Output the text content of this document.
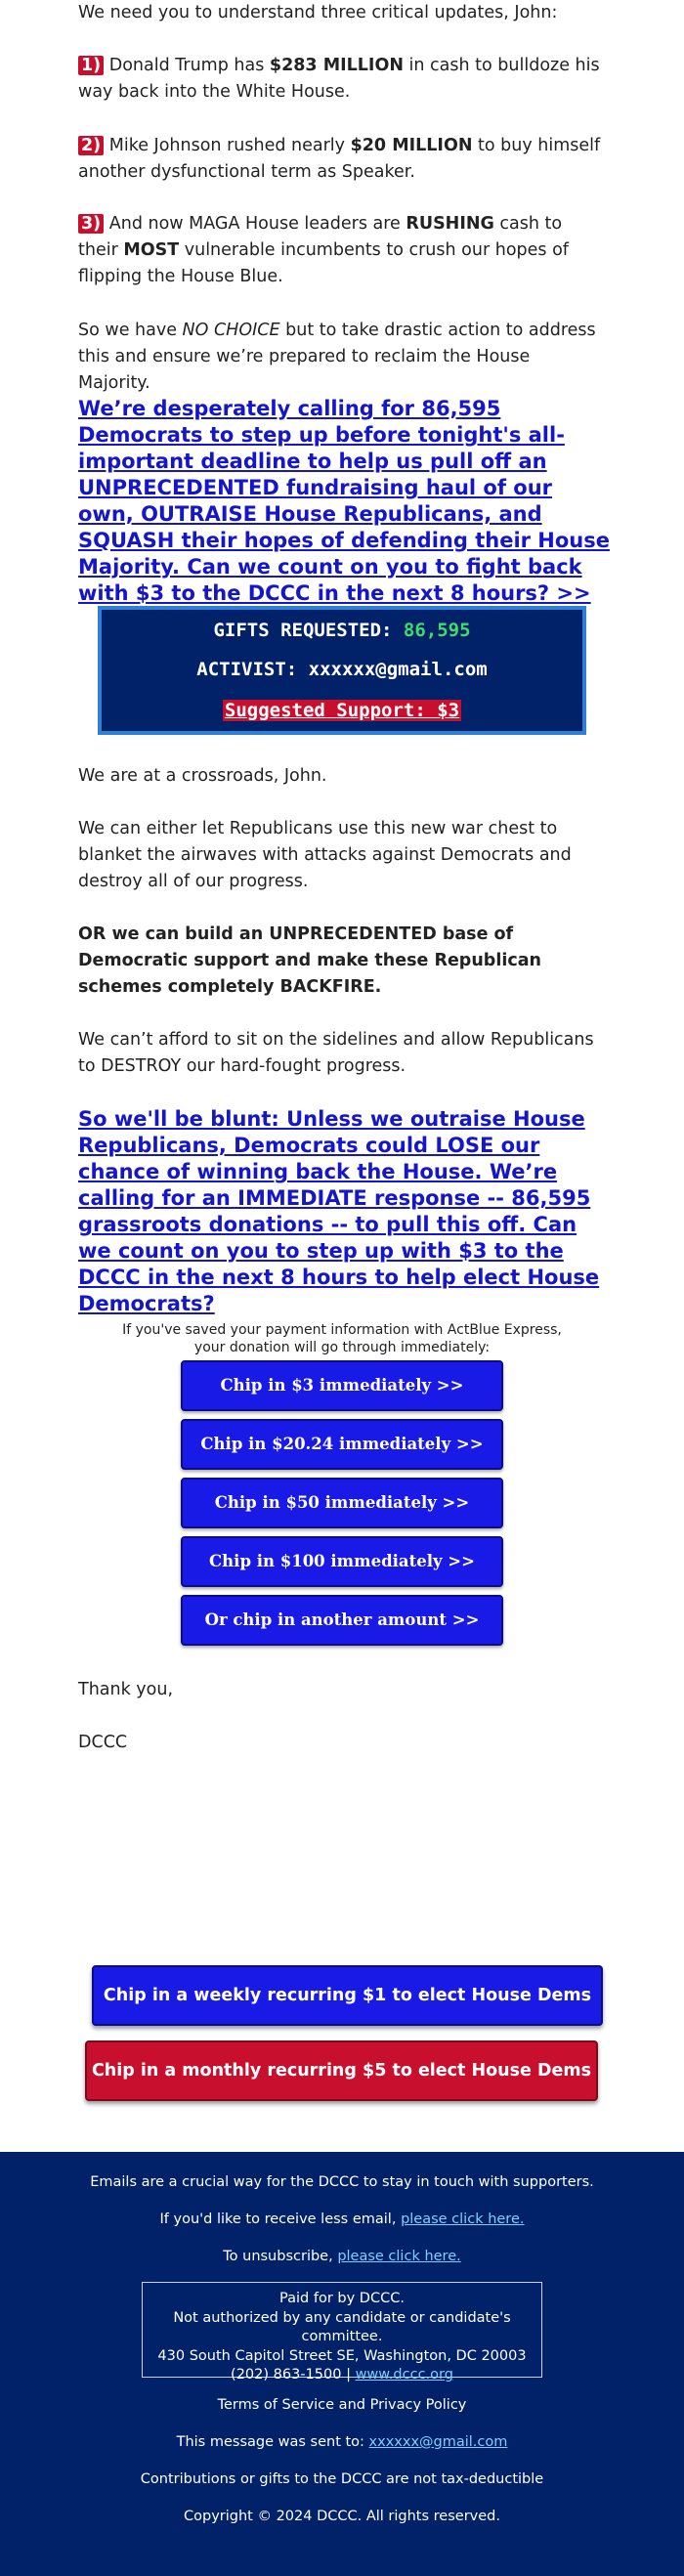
We need you to understand three critical updates, John:

1) Donald Trump has $283 MILLION in cash to bulldoze his way back into the White House.

2) Mike Johnson rushed nearly $20 MILLION to buy himself another dysfunctional term as Speaker.

3) And now MAGA House leaders are RUSHING cash to their MOST vulnerable incumbents to crush our hopes of flipping the House Blue.

So we have NO CHOICE but to take drastic action to address this and ensure we’re prepared to reclaim the House Majority.

We’re desperately calling for 86,595 Democrats to step up before tonight's all-important deadline to help us pull off an UNPRECEDENTED fundraising haul of our own, OUTRAISE House Republicans, and SQUASH their hopes of defending their House Majority. Can we count on you to fight back with $3 to the DCCC in the next 8 hours? >>

We are at a crossroads, John.

We can either let Republicans use this new war chest to blanket the airwaves with attacks against Democrats and destroy all of our progress.

OR we can build an UNPRECEDENTED base of Democratic support and make these Republican schemes completely BACKFIRE.

We can’t afford to sit on the sidelines and allow Republicans to DESTROY our hard-fought progress.

So we'll be blunt: Unless we outraise House Republicans, Democrats could LOSE our chance of winning back the House. We’re calling for an IMMEDIATE response -- 86,595 grassroots donations -- to pull this off. Can we count on you to step up with $3 to the DCCC in the next 8 hours to help elect House Democrats?

Thank you,

DCCC

GIFTS REQUESTED: 86,595
ACTIVIST: xxxxxx@gmail.com
Suggested Support: $3
If you've saved your payment information with ActBlue Express,
your donation will go through immediately:
Chip in $3 immediately >>
Chip in $20.24 immediately >>
Chip in $50 immediately >>
Chip in $100 immediately >>
Or chip in another amount >>
Chip in a weekly recurring $1 to elect House Dems
Chip in a monthly recurring $5 to elect House Dems >>
Emails are a crucial way for the DCCC to stay in touch with supporters.
If you'd like to receive less email, please click here.
To unsubscribe, please click here.
Paid for by DCCC.
Not authorized by any candidate or candidate's committee.
430 South Capitol Street SE, Washington, DC 20003
(202) 863-1500 | www.dccc.org
Terms of Service and Privacy Policy
This message was sent to: xxxxxx@gmail.com
Contributions or gifts to the DCCC are not tax-deductible
Copyright © 2024 DCCC. All rights reserved.
